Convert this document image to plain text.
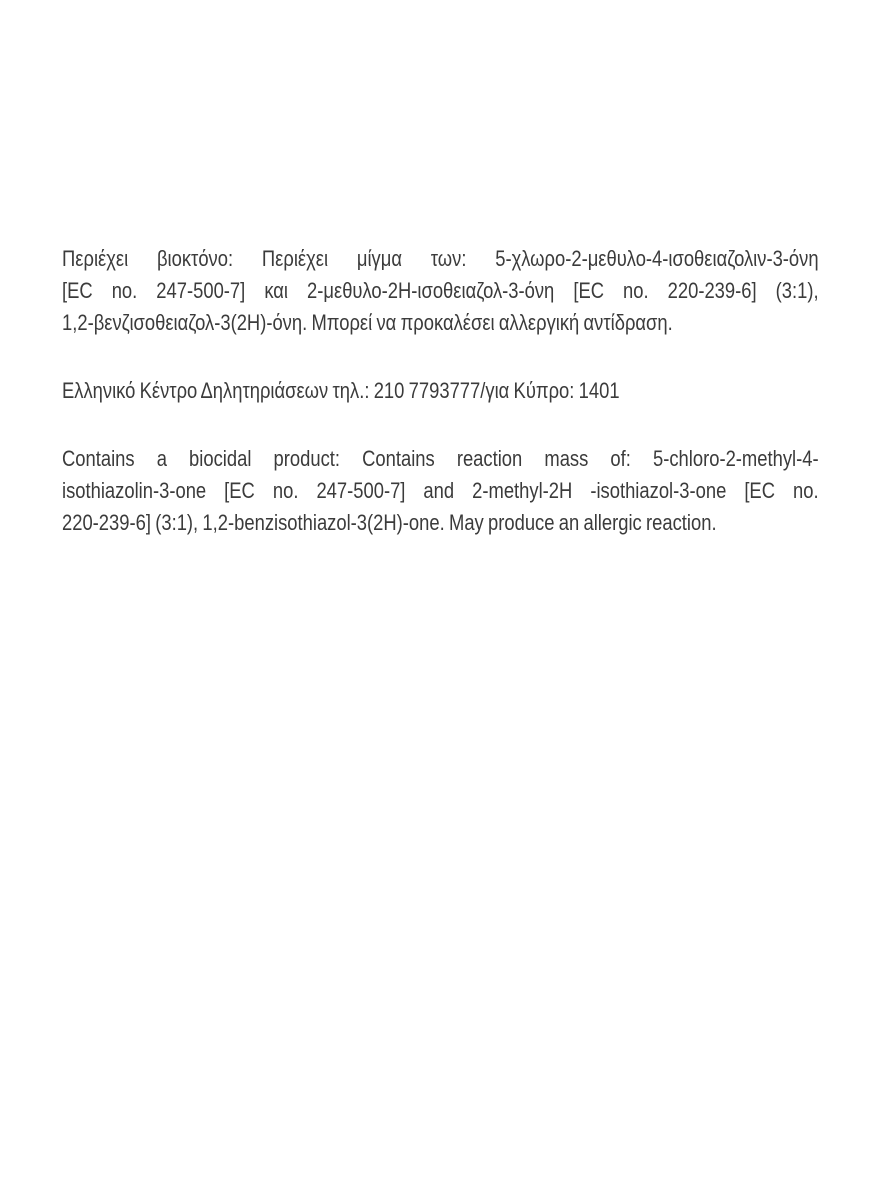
Περιέχει βιοκτόνο: Περιέχει μίγμα των: 5-χλωρο-2-μεθυλο-4-ισοθειαζολιν-3-όνη
[EC no. 247-500-7] και 2-μεθυλο-2H-ισοθειαζολ-3-όνη [EC no. 220-239-6] (3:1),
1,2-βενζισοθειαζολ-3(2H)-όνη. Μπορεί να προκαλέσει αλλεργική αντίδραση.
Ελληνικό Κέντρο Δηλητηριάσεων τηλ.: 210 7793777/για Κύπρο: 1401
Contains a biocidal product: Contains reaction mass of: 5-chloro-2-methyl-4-
isothiazolin-3-one [EC no. 247-500-7] and 2-methyl-2H -isothiazol-3-one [EC no.
220-239-6] (3:1), 1,2-benzisothiazol-3(2H)-one. May produce an allergic reaction.
